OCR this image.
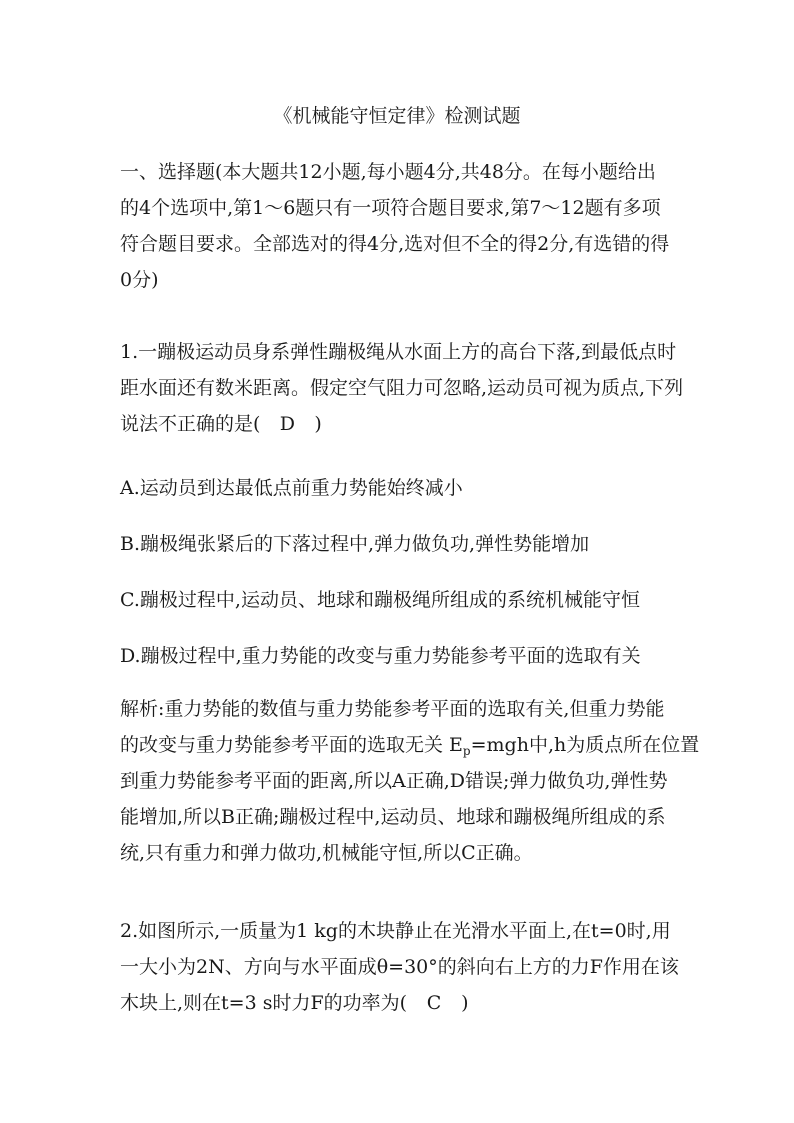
《机械能守恒定律》检测试题
一、选择题(本大题共12小题,每小题4分,共48分。在每小题给出
的4个选项中,第1～6题只有一项符合题目要求,第7～12题有多项
符合题目要求。全部选对的得4分,选对但不全的得2分,有选错的得
0分)
1.一蹦极运动员身系弹性蹦极绳从水面上方的高台下落,到最低点时
距水面还有数米距离。假定空气阻力可忽略,运动员可视为质点,下列
说法不正确的是( D )
A.运动员到达最低点前重力势能始终减小
B.蹦极绳张紧后的下落过程中,弹力做负功,弹性势能增加
C.蹦极过程中,运动员、地球和蹦极绳所组成的系统机械能守恒
D.蹦极过程中,重力势能的改变与重力势能参考平面的选取有关
解析:重力势能的数值与重力势能参考平面的选取有关,但重力势能
的改变与重力势能参考平面的选取无关 $E_p=mgh$中,h为质点所在位置
到重力势能参考平面的距离,所以A正确,D错误;弹力做负功,弹性势
能增加,所以B正确;蹦极过程中,运动员、地球和蹦极绳所组成的系
统,只有重力和弹力做功,机械能守恒,所以C正确。
2.如图所示,一质量为1 kg的木块静止在光滑水平面上,在t=0时,用
一大小为2N、方向与水平面成θ=30°的斜向右上方的力F作用在该
木块上,则在t=3 s时力F的功率为( C )
